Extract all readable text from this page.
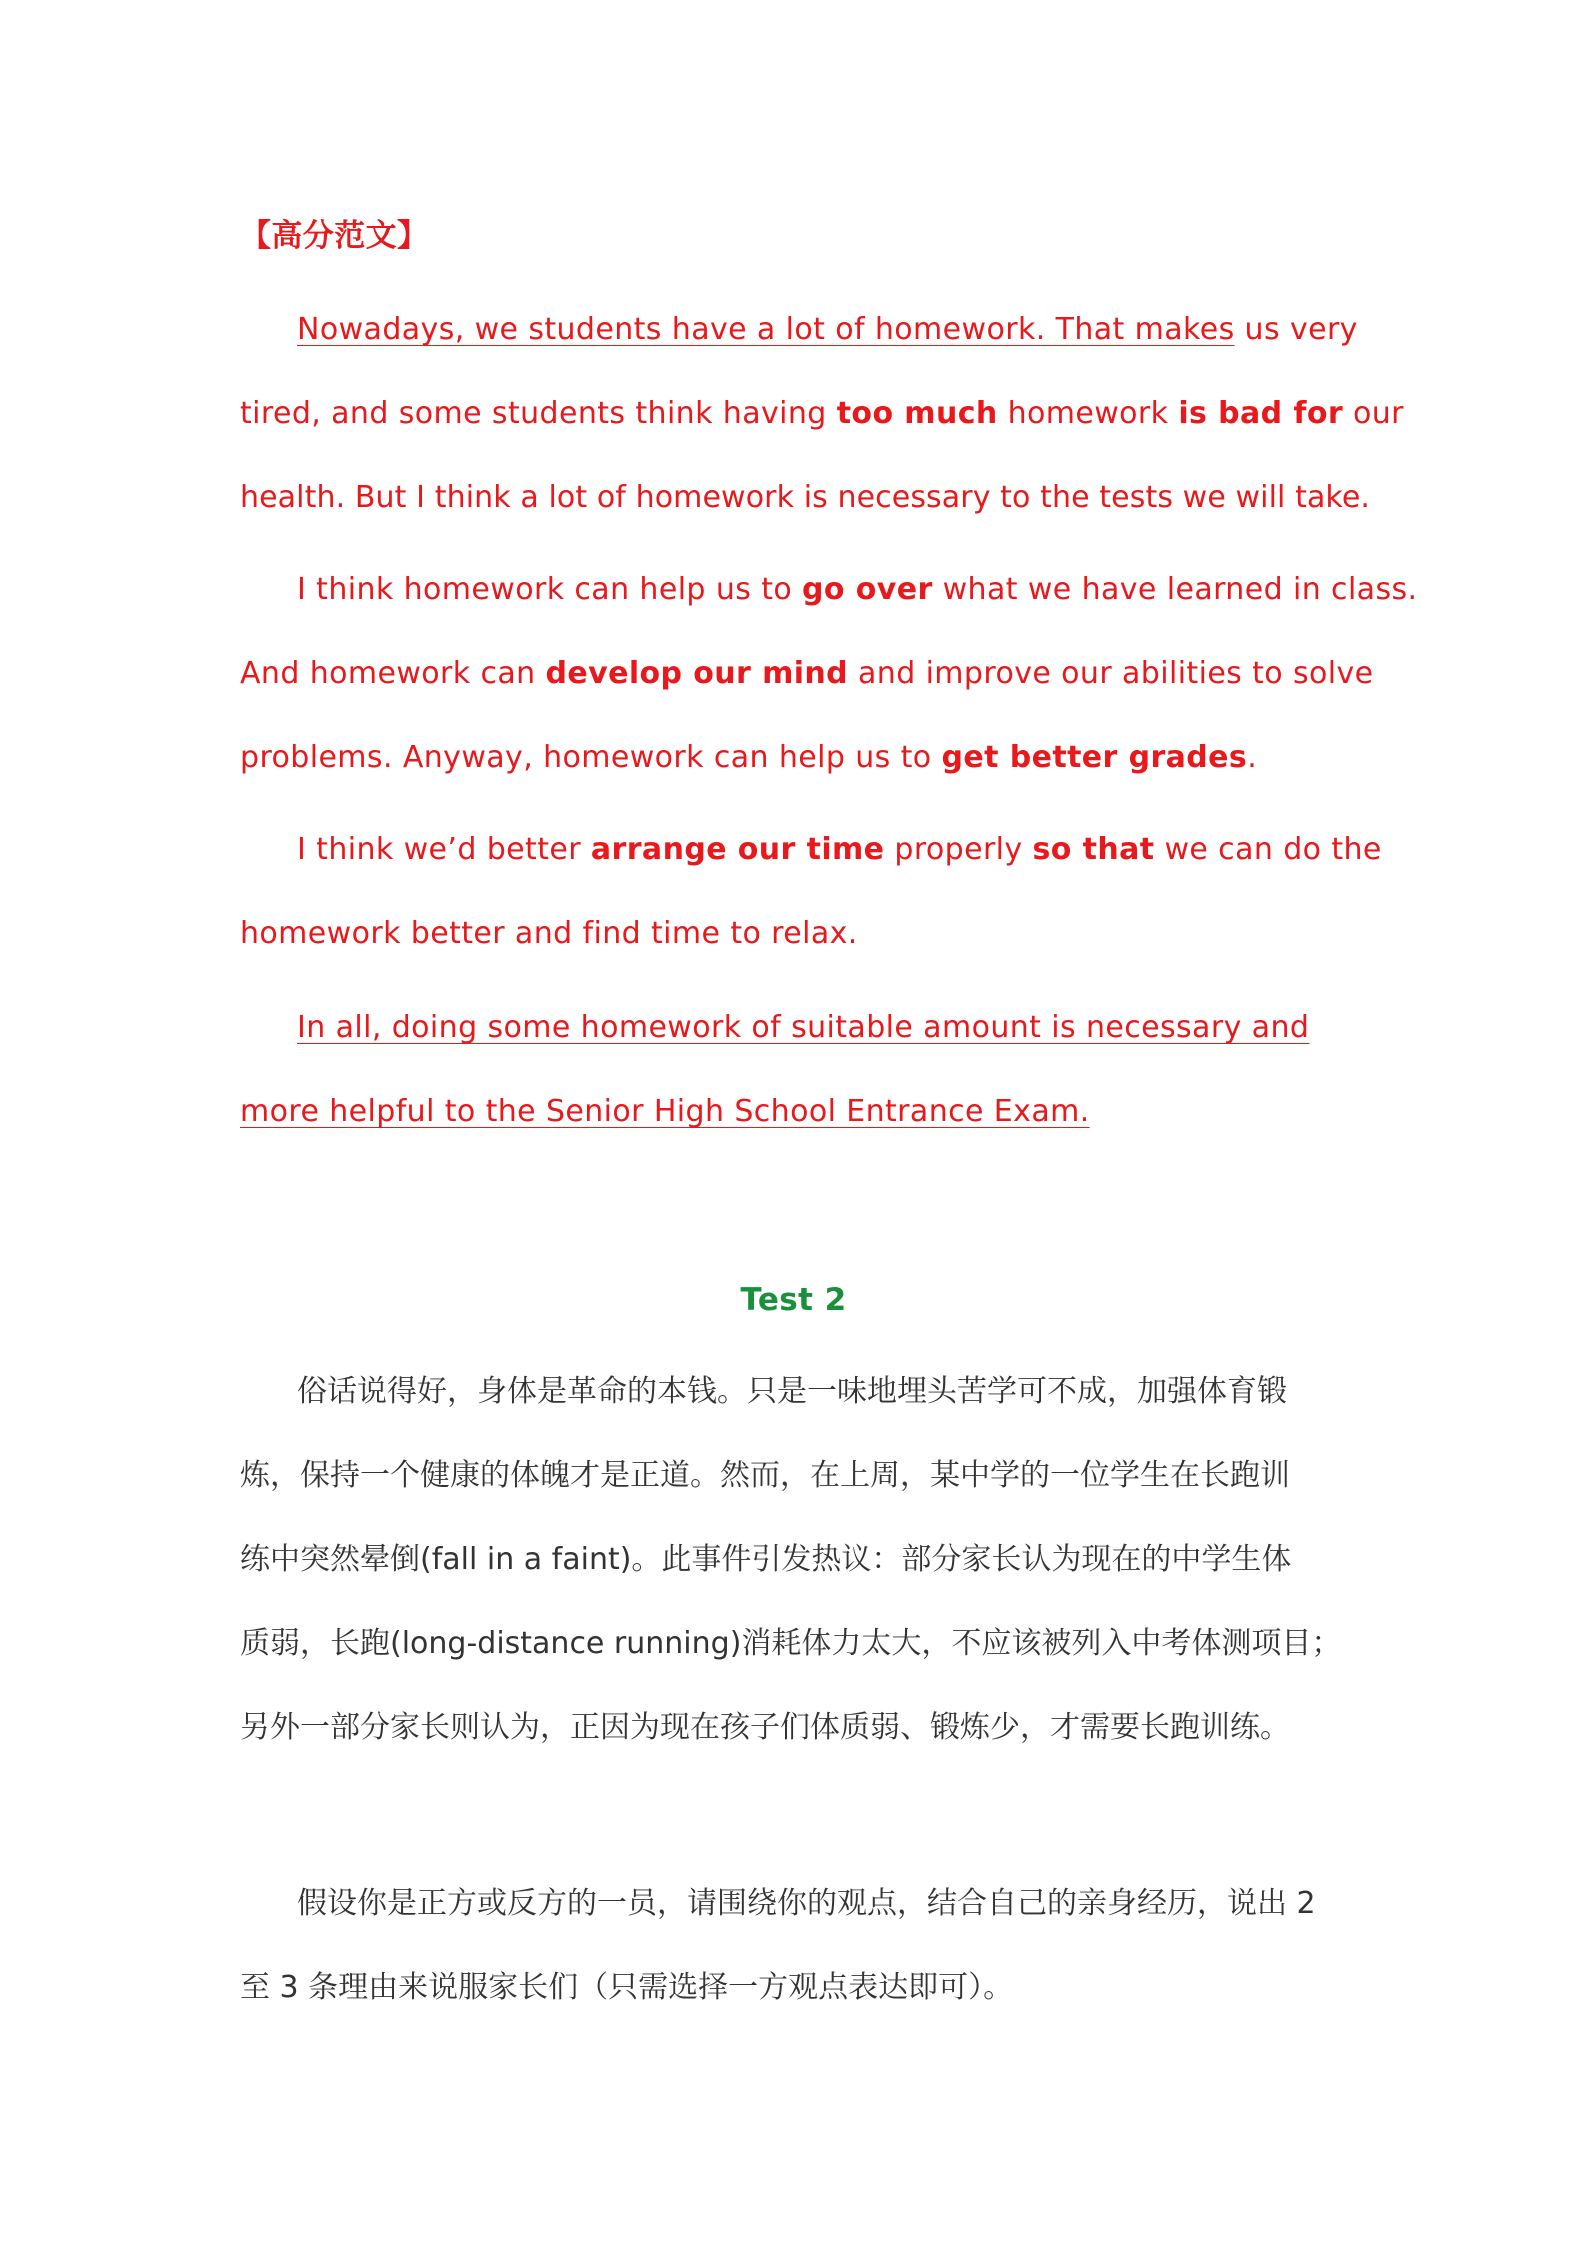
【高分范文】

Nowadays, we students have a lot of homework. That makes us very

tired, and some students think having too much homework is bad for our

health. But I think a lot of homework is necessary to the tests we will take.

I think homework can help us to go over what we have learned in class.

And homework can develop our mind and improve our abilities to solve

problems. Anyway, homework can help us to get better grades.

I think we’d better arrange our time properly so that we can do the

homework better and find time to relax.

In all, doing some homework of suitable amount is necessary and

more helpful to the Senior High School Entrance Exam.

Test 2

俗话说得好，身体是革命的本钱。只是一味地埋头苦学可不成，加强体育锻

炼，保持一个健康的体魄才是正道。然而，在上周，某中学的一位学生在长跑训

练中突然晕倒(fall in a faint)。此事件引发热议：部分家长认为现在的中学生体

质弱，长跑(long-distance running)消耗体力太大，不应该被列入中考体测项目；

另外一部分家长则认为，正因为现在孩子们体质弱、锻炼少，才需要长跑训练。

假设你是正方或反方的一员，请围绕你的观点，结合自己的亲身经历，说出 2

至 3 条理由来说服家长们（只需选择一方观点表达即可）。
